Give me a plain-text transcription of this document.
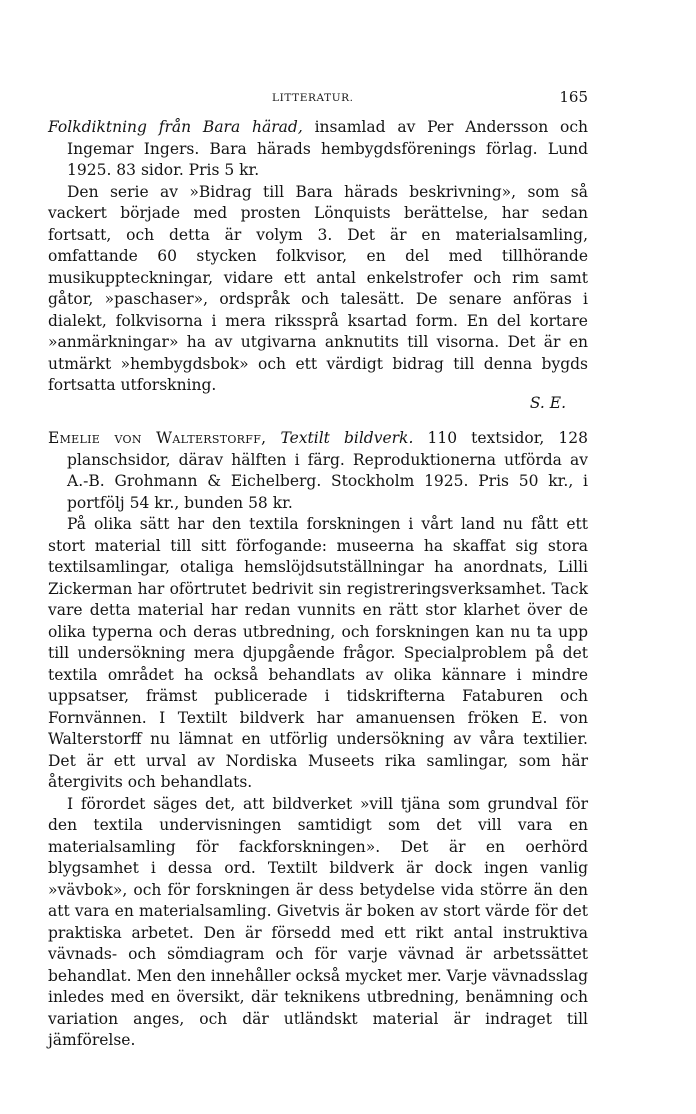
LITTERATUR.	165

Folkdiktning från Bara härad, insamlad av Per Andersson och Ingemar Ingers. Bara härads hembygdsförenings förlag. Lund 1925. 83 sidor. Pris 5 kr.

Den serie av »Bidrag till Bara härads beskrivning», som så vackert började med prosten Lönquists berättelse, har sedan fortsatt, och detta är volym 3. Det är en materialsamling, omfattande 60 stycken folkvisor, en del med tillhörande musikuppteckningar, vidare ett antal enkelstrofer och rim samt gåtor, »paschaser», ordspråk och talesätt. De senare anföras i dialekt, folkvisorna i mera rikssprå ksartad form. En del kortare »anmärkningar» ha av utgivarna anknutits till visorna. Det är en utmärkt »hembygdsbok» och ett värdigt bidrag till denna bygds fortsatta utforskning.

S. E.

Emelie von Walterstorff, Textilt bildverk. 110 textsidor, 128 planschsidor, därav hälften i färg. Reproduktionerna utförda av A.-B. Grohmann & Eichelberg. Stockholm 1925. Pris 50 kr., i portfölj 54 kr., bunden 58 kr.

På olika sätt har den textila forskningen i vårt land nu fått ett stort material till sitt förfogande: museerna ha skaffat sig stora textilsamlingar, otaliga hemslöjdsutställningar ha anordnats, Lilli Zickerman har oförtrutet bedrivit sin registreringsverksamhet. Tack vare detta material har redan vunnits en rätt stor klarhet över de olika typerna och deras utbredning, och forskningen kan nu ta upp till undersökning mera djupgående frågor. Specialproblem på det textila området ha också behandlats av olika kännare i mindre uppsatser, främst publicerade i tidskrifterna Fataburen och Fornvännen. I Textilt bildverk har amanuensen fröken E. von Walterstorff nu lämnat en utförlig undersökning av våra textilier. Det är ett urval av Nordiska Museets rika samlingar, som här återgivits och behandlats.

I förordet säges det, att bildverket »vill tjäna som grundval för den textila undervisningen samtidigt som det vill vara en materialsamling för fackforskningen». Det är en oerhörd blygsamhet i dessa ord. Textilt bildverk är dock ingen vanlig »vävbok», och för forskningen är dess betydelse vida större än den att vara en materialsamling. Givetvis är boken av stort värde för det praktiska arbetet. Den är försedd med ett rikt antal instruktiva vävnads- och sömdiagram och för varje vävnad är arbetssättet behandlat. Men den innehåller också mycket mer. Varje vävnadsslag inledes med en översikt, där teknikens utbredning, benämning och variation anges, och där utländskt material är indraget till jämförelse.
